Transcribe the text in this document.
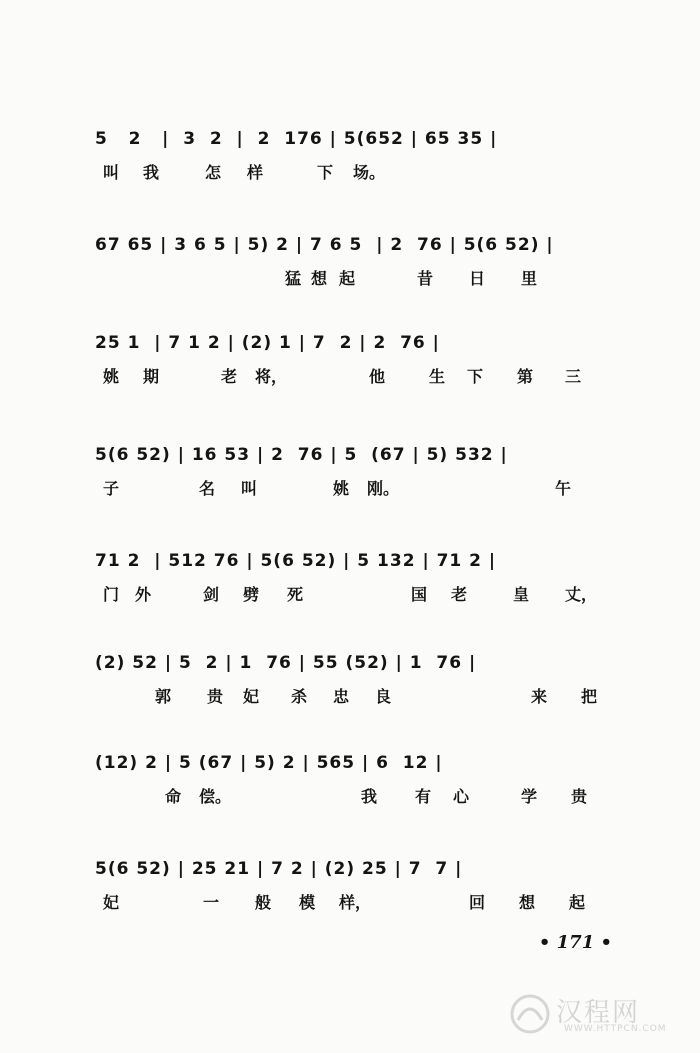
5   2   |  3  2  |  2  176 | 5(652 | 65 35 |
叫 我	怎 样	下 场。
67 65 | 3 6 5 | 5) 2 | 7 6 5  | 2  76 | 5(6 52) |
猛 想 起	昔 日 里
25 1  | 7 1 2 | (2) 1 | 7  2 | 2  76 |
姚 期	老 将，	他	生 下 第 三
5(6 52) | 16 53 | 2  76 | 5  (67 | 5) 532 |
子	名 叫	姚 刚。	午
71 2  | 512 76 | 5(6 52) | 5 132 | 71 2 |
门 外	剑 劈 死	国 老	皇 丈，
(2) 52 | 5  2 | 1  76 | 55 (52) | 1  76 |
郭 贵 妃 杀 忠 良	来 把
(12) 2 | 5 (67 | 5) 2 | 565 | 6  12 |
命 偿。	我 有 心	学 贵
5(6 52) | 25 21 | 7 2 | (2) 25 | 7  7 |
妃	一 般 模 样，	回 想 起
• 171 •
汉程网
WWW.HTTPCN.COM
